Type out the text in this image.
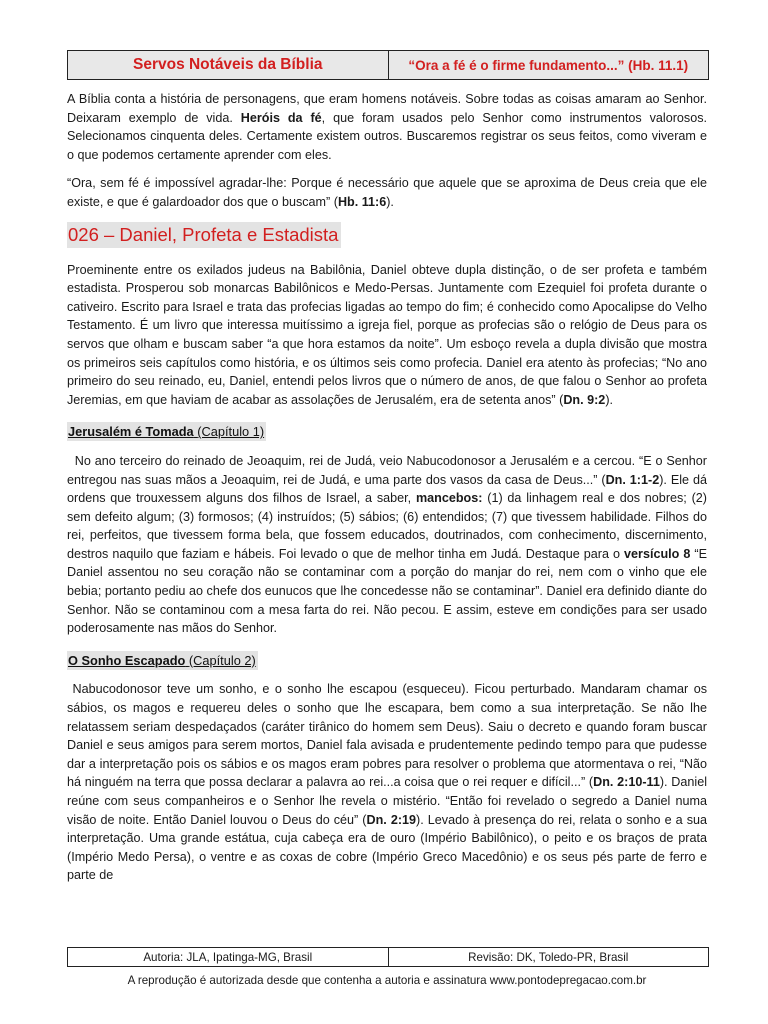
Servos Notáveis da Bíblia	“Ora a fé é o firme fundamento...” (Hb. 11.1)

A Bíblia conta a história de personagens, que eram homens notáveis. Sobre todas as coisas amaram ao Senhor. Deixaram exemplo de vida. Heróis da fé, que foram usados pelo Senhor como instrumentos valorosos. Selecionamos cinquenta deles. Certamente existem outros. Buscaremos registrar os seus feitos, como viveram e o que podemos certamente aprender com eles.

“Ora, sem fé é impossível agradar-lhe: Porque é necessário que aquele que se aproxima de Deus creia que ele existe, e que é galardoador dos que o buscam” (Hb. 11:6).

026 – Daniel, Profeta e Estadista

Proeminente entre os exilados judeus na Babilônia, Daniel obteve dupla distinção, o de ser profeta e também estadista. Prosperou sob monarcas Babilônicos e Medo-Persas. Juntamente com Ezequiel foi profeta durante o cativeiro. Escrito para Israel e trata das profecias ligadas ao tempo do fim; é conhecido como Apocalipse do Velho Testamento. É um livro que interessa muitíssimo a igreja fiel, porque as profecias são o relógio de Deus para os servos que olham e buscam saber “a que hora estamos da noite”. Um esboço revela a dupla divisão que mostra os primeiros seis capítulos como história, e os últimos seis como profecia. Daniel era atento às profecias; “No ano primeiro do seu reinado, eu, Daniel, entendi pelos livros que o número de anos, de que falou o Senhor ao profeta Jeremias, em que haviam de acabar as assolações de Jerusalém, era de setenta anos” (Dn. 9:2).

Jerusalém é Tomada (Capítulo 1)

No ano terceiro do reinado de Jeoaquim, rei de Judá, veio Nabucodonosor a Jerusalém e a cercou. “E o Senhor entregou nas suas mãos a Jeoaquim, rei de Judá, e uma parte dos vasos da casa de Deus...” (Dn. 1:1-2). Ele dá ordens que trouxessem alguns dos filhos de Israel, a saber, mancebos: (1) da linhagem real e dos nobres; (2) sem defeito algum; (3) formosos; (4) instruídos; (5) sábios; (6) entendidos; (7) que tivessem habilidade. Filhos do rei, perfeitos, que tivessem forma bela, que fossem educados, doutrinados, com conhecimento, discernimento, destros naquilo que faziam e hábeis. Foi levado o que de melhor tinha em Judá. Destaque para o versículo 8 “E Daniel assentou no seu coração não se contaminar com a porção do manjar do rei, nem com o vinho que ele bebia; portanto pediu ao chefe dos eunucos que lhe concedesse não se contaminar”. Daniel era definido diante do Senhor. Não se contaminou com a mesa farta do rei. Não pecou. E assim, esteve em condições para ser usado poderosamente nas mãos do Senhor.

O Sonho Escapado (Capítulo 2)

Nabucodonosor teve um sonho, e o sonho lhe escapou (esqueceu). Ficou perturbado. Mandaram chamar os sábios, os magos e requereu deles o sonho que lhe escapara, bem como a sua interpretação. Se não lhe relatassem seriam despedaçados (caráter tirânico do homem sem Deus). Saiu o decreto e quando foram buscar Daniel e seus amigos para serem mortos, Daniel fala avisada e prudentemente pedindo tempo para que pudesse dar a interpretação pois os sábios e os magos eram pobres para resolver o problema que atormentava o rei, “Não há ninguém na terra que possa declarar a palavra ao rei...a coisa que o rei requer e difícil...” (Dn. 2:10-11). Daniel reúne com seus companheiros e o Senhor lhe revela o mistério. “Então foi revelado o segredo a Daniel numa visão de noite. Então Daniel louvou o Deus do céu” (Dn. 2:19). Levado à presença do rei, relata o sonho e a sua interpretação. Uma grande estátua, cuja cabeça era de ouro (Império Babilônico), o peito e os braços de prata (Império Medo Persa), o ventre e as coxas de cobre (Império Greco Macedônio) e os seus pés parte de ferro e parte de

Autoria: JLA, Ipatinga-MG, Brasil	Revisão: DK, Toledo-PR, Brasil
A reprodução é autorizada desde que contenha a autoria e assinatura www.pontodepregacao.com.br
